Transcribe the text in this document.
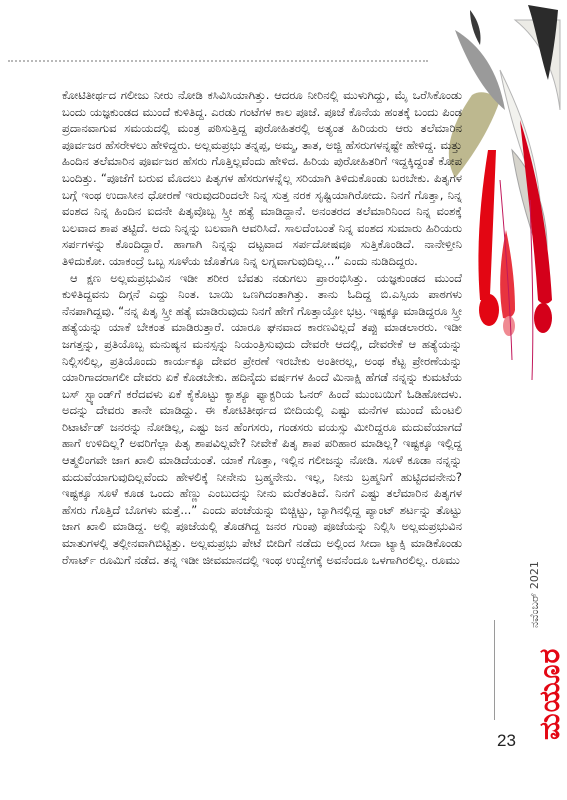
ಕೋಟಿತೀರ್ಥದ ಗಲೀಜು ನೀರು ನೋಡಿ ಕಸಿವಿಸಿಯಾಗಿತ್ತು. ಆದರೂ ನೀರಿನಲ್ಲಿ ಮುಳುಗಿದ್ದು, ಮೈ ಒರೆಸಿಕೊಂಡು ಬಂದು ಯಜ್ಞಕುಂಡದ ಮುಂದೆ ಕುಳಿತಿದ್ದ. ಎರಡು ಗಂಟೆಗಳ ಕಾಲ ಪೂಜೆ. ಪೂಜೆ ಕೊನೆಯ ಹಂತಕ್ಕೆ ಬಂದು ಪಿಂಡ ಪ್ರದಾನವಾಗುವ ಸಮಯದಲ್ಲಿ ಮಂತ್ರ ಪಠಿಸುತ್ತಿದ್ದ ಪುರೋಹಿತರಲ್ಲಿ ಅತ್ಯಂತ ಹಿರಿಯರು ಆರು ತಲೆಮಾರಿನ ಪೂರ್ವಜರ ಹೆಸರೇಳಲು ಹೇಳಿದ್ದರು. ಅಲ್ಲಮಪ್ರಭು ತನ್ನಪ್ಪ, ಅಮ್ಮ, ತಾತ, ಅಜ್ಜಿ ಹೆಸರುಗಳನ್ನಷ್ಟೇ ಹೇಳಿದ್ದ. ಮತ್ತು ಹಿಂದಿನ ತಲೆಮಾರಿನ ಪೂರ್ವಜರ ಹೆಸರು ಗೊತ್ತಿಲ್ಲವೆಂದು ಹೇಳಿದ. ಹಿರಿಯ ಪುರೋಹಿತರಿಗೆ ಇದ್ದಕ್ಕಿದ್ದಂತೆ ಕೋಪ ಬಂದಿತ್ತು. “ಪೂಜೆಗೆ ಬರುವ ಮೊದಲು ಪಿತೃಗಳ ಹೆಸರುಗಳನ್ನೆಲ್ಲ ಸರಿಯಾಗಿ ತಿಳಿದುಕೊಂಡು ಬರಬೇಕು. ಪಿತೃಗಳ ಬಗ್ಗೆ ಇಂಥ ಉದಾಸೀನ ಧೋರಣೆ ಇರುವುದರಿಂದಲೇ ನಿನ್ನ ಸುತ್ತ ನರಕ ಸೃಷ್ಟಿಯಾಗಿರೋದು. ನಿನಗೆ ಗೊತ್ತಾ, ನಿನ್ನ ವಂಶದ ನಿನ್ನ ಹಿಂದಿನ ಐದನೇ ಪಿತೃವೊಬ್ಬ ಸ್ತ್ರೀ ಹತ್ಯೆ ಮಾಡಿದ್ದಾನೆ. ಅನಂತರದ ತಲೆಮಾರಿನಿಂದ ನಿನ್ನ ವಂಶಕ್ಕೆ ಬಲವಾದ ಶಾಪ ತಟ್ಟಿದೆ. ಅದು ನಿನ್ನನ್ನು ಬಲವಾಗಿ ಆವರಿಸಿದೆ. ಸಾಲದೆಂಬಂತೆ ನಿನ್ನ ವಂಶದ ಸುಮಾರು ಹಿರಿಯರು ಸರ್ಪಗಳನ್ನು ಕೊಂದಿದ್ದಾರೆ. ಹಾಗಾಗಿ ನಿನ್ನನ್ನು ದಟ್ಟವಾದ ಸರ್ಪದೋಷವೂ ಸುತ್ತಿಕೊಂಡಿದೆ. ನಾನೇಳ್ತೀನಿ ತಿಳಿದುಕೋ. ಯಾಕಂದ್ರೆ ಒಬ್ಬ ಸೂಳೆಯ ಜೊತೆಗೂ ನಿನ್ನ ಲಗ್ನವಾಗುವುದಿಲ್ಲ...” ಎಂದು ನುಡಿದಿದ್ದರು.

ಆ ಕ್ಷಣ ಅಲ್ಲಮಪ್ರಭುವಿನ ಇಡೀ ಶರೀರ ಬೆವತು ನಡುಗಲು ಪ್ರಾರಂಭಿಸಿತ್ತು. ಯಜ್ಞಕುಂಡದ ಮುಂದೆ ಕುಳಿತಿದ್ದವನು ದಿಗ್ಗನೆ ಎದ್ದು ನಿಂತ. ಬಾಯಿ ಒಣಗಿದಂತಾಗಿತ್ತು. ತಾನು ಓದಿದ್ದ ಬಿ.ಎಸ್ಸಿಯ ಪಾಠಗಳು ನೆನಪಾಗಿದ್ದವು. “ನನ್ನ ಪಿತೃ ಸ್ತ್ರೀ ಹತ್ಯೆ ಮಾಡಿರುವುದು ನಿನಗೆ ಹೇಗೆ ಗೊತ್ತಾಯ್ತೋ ಭಟ್ರ. ಇಷ್ಟಕ್ಕೂ ಮಾಡಿದ್ದರೂ ಸ್ತ್ರೀ ಹತ್ಯೆಯನ್ನು ಯಾಕೆ ಬೇಕಂತ ಮಾಡಿರುತ್ತಾರೆ. ಯಾರೂ ಘನವಾದ ಕಾರಣವಿಲ್ಲದೆ ತಪ್ಪು ಮಾಡಲಾರರು. ಇಡೀ ಜಗತ್ತನ್ನು, ಪ್ರತಿಯೊಬ್ಬ ಮನುಷ್ಯನ ಮನಸ್ಸನ್ನು ನಿಯಂತ್ರಿಸುವುದು ದೇವರೇ ಆದಲ್ಲಿ, ದೇವರೇಕೆ ಆ ಹತ್ಯೆಯನ್ನು ನಿಲ್ಲಿಸಲಿಲ್ಲ, ಪ್ರತಿಯೊಂದು ಕಾರ್ಯಕ್ಕೂ ದೇವರ ಪ್ರೇರಣೆ ಇರಬೇಕು ಅಂತೀರಲ್ಲ, ಅಂಥ ಕೆಟ್ಟ ಪ್ರೇರಣೆಯನ್ನು ಯಾರಿಗಾದರಾಗಲೀ ದೇವರು ಏಕೆ ಕೊಡಬೇಕು. ಹದಿನೈದು ವರ್ಷಗಳ ಹಿಂದೆ ಮಿನಾಕ್ಷಿ ಹೆಗಡೆ ನನ್ನನ್ನು ಕುಮಟೆಯ ಬಸ್ ಸ್ಟ್ಯಾಂಡ್‌ಗೆ ಕರೆದವಳು ಏಕೆ ಕೈಕೊಟ್ಟು ಕ್ಯಾಶ್ಯೂ ಫ್ಯಾಕ್ಟರಿಯ ಓನರ್ ಹಿಂದೆ ಮುಂಬಯಿಗೆ ಓಡಿಹೋದಳು. ಅದನ್ನು ದೇವರು ತಾನೇ ಮಾಡಿದ್ದು. ಈ ಕೋಟಿತೀರ್ಥದ ಬೀದಿಯಲ್ಲಿ ಎಷ್ಟು ಮನೆಗಳ ಮುಂದೆ ಮೆಂಟಲಿ ರಿಟಾರ್ಟೆಡ್ ಜನರನ್ನು ನೋಡಿಲ್ಲ, ಎಷ್ಟು ಜನ ಹೆಂಗಸರು, ಗಂಡಸರು ವಯಸ್ಸು ಮೀರಿದ್ದರೂ ಮದುವೆಯಾಗದೆ ಹಾಗೆ ಉಳಿದಿಲ್ಲ? ಅವರಿಗೆಲ್ಲಾ ಪಿತೃ ಶಾಪವಿಲ್ಲವೇ? ನೀವೇಕೆ ಪಿತೃ ಶಾಪ ಪರಿಹಾರ ಮಾಡಿಲ್ಲ? ಇಷ್ಟಕ್ಕೂ ಇಲ್ಲಿದ್ದ ಆತ್ಮಲಿಂಗವೇ ಜಾಗ ಖಾಲಿ ಮಾಡಿದೆಯಂತೆ. ಯಾಕೆ ಗೊತ್ತಾ, ಇಲ್ಲಿನ ಗಲೀಜನ್ನು ನೋಡಿ. ಸೂಳೆ ಕೂಡಾ ನನ್ನನ್ನು ಮದುವೆಯಾಗುವುದಿಲ್ಲವೆಂದು ಹೇಳಲಿಕ್ಕೆ ನೀನೇನು ಬ್ರಹ್ಮನೇನು. ಇಲ್ಲ, ನೀನು ಬ್ರಹ್ಮನಿಗೆ ಹುಟ್ಟಿದವನೇನು? ಇಷ್ಟಕ್ಕೂ ಸೂಳೆ ಕೂಡ ಒಂದು ಹೆಣ್ಣು ಎಂಬುದನ್ನು ನೀನು ಮರೆತಂತಿದೆ. ನಿನಗೆ ಎಷ್ಟು ತಲೆಮಾರಿನ ಪಿತೃಗಳ ಹೆಸರು ಗೊತ್ತಿದೆ ಬೊಗಳು ಮತ್ತೆ...” ಎಂದು ಪಂಚೆಯನ್ನು ಬಿಚ್ಚಿಟ್ಟು, ಬ್ಯಾಗಿನಲ್ಲಿದ್ದ ಪ್ಯಾಂಟ್ ಶರ್ಟನ್ನು ತೊಟ್ಟು ಜಾಗ ಖಾಲಿ ಮಾಡಿದ್ದ. ಅಲ್ಲಿ ಪೂಜೆಯಲ್ಲಿ ತೊಡಗಿದ್ದ ಜನರ ಗುಂಪು ಪೂಜೆಯನ್ನು ನಿಲ್ಲಿಸಿ ಅಲ್ಲಮಪ್ರಭುವಿನ ಮಾತುಗಳಲ್ಲಿ ತಲ್ಲೀನವಾಗಿಬಿಟ್ಟಿತ್ತು. ಅಲ್ಲಮಪ್ರಭು ಪೇಟೆ ಬೀದಿಗೆ ನಡೆದು ಅಲ್ಲಿಂದ ಸೀದಾ ಟ್ಯಾಕ್ಸಿ ಮಾಡಿಕೊಂಡು ರೆಸಾರ್ಟ್ ರೂಮಿಗೆ ನಡೆದ. ತನ್ನ ಇಡೀ ಜೀವಮಾನದಲ್ಲಿ ಇಂಥ ಉದ್ವೇಗಕ್ಕೆ ಅವನೆಂದೂ ಒಳಗಾಗಿರಲಿಲ್ಲ. ರೂಮು

23
ನವೆಂಬರ್ 2021
ಮಯೂರ
